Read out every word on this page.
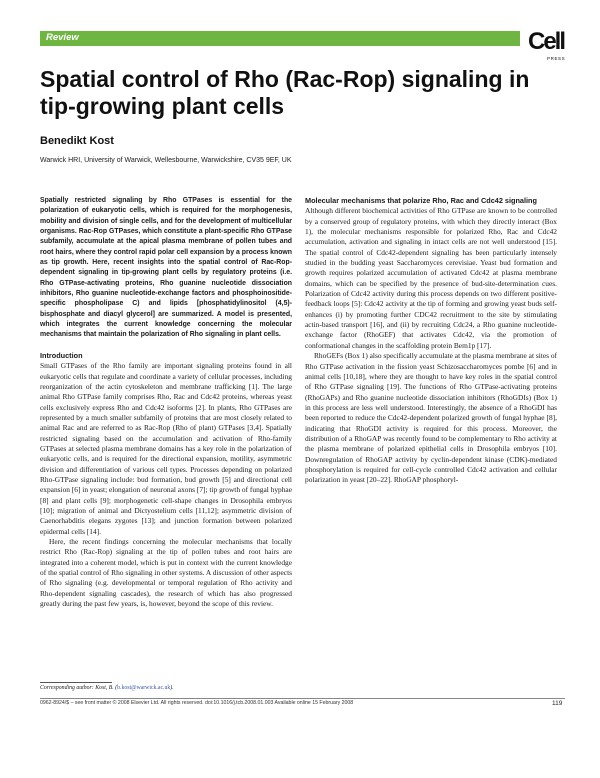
Review	Cell
PRESS
Spatial control of Rho (Rac-Rop) signaling in tip-growing plant cells
Benedikt Kost
Warwick HRI, University of Warwick, Wellesbourne, Warwickshire, CV35 9EF, UK

Spatially restricted signaling by Rho GTPases is essential for the polarization of eukaryotic cells, which is required for the morphogenesis, mobility and division of single cells, and for the development of multicellular organisms. Rac-Rop GTPases, which constitute a plant-specific Rho GTPase subfamily, accumulate at the apical plasma membrane of pollen tubes and root hairs, where they control rapid polar cell expansion by a process known as tip growth. Here, recent insights into the spatial control of Rac-Rop-dependent signaling in tip-growing plant cells by regulatory proteins (i.e. Rho GTPase-activating proteins, Rho guanine nucleotide dissociation inhibitors, Rho guanine nucleotide-exchange factors and phosphoinositide-specific phospholipase C) and lipids [phosphatidylinositol (4,5)-bisphosphate and diacyl glycerol] are summarized. A model is presented, which integrates the current knowledge concerning the molecular mechanisms that maintain the polarization of Rho signaling in plant cells.

Introduction

Small GTPases of the Rho family are important signaling proteins found in all eukaryotic cells that regulate and coordinate a variety of cellular processes, including reorganization of the actin cytoskeleton and membrane trafficking [1]. The large animal Rho GTPase family comprises Rho, Rac and Cdc42 proteins, whereas yeast cells exclusively express Rho and Cdc42 isoforms [2]. In plants, Rho GTPases are represented by a much smaller subfamily of proteins that are most closely related to animal Rac and are referred to as Rac-Rop (Rho of plant) GTPases [3,4]. Spatially restricted signaling based on the accumulation and activation of Rho-family GTPases at selected plasma membrane domains has a key role in the polarization of eukaryotic cells, and is required for the directional expansion, motility, asymmetric division and differentiation of various cell types. Processes depending on polarized Rho-GTPase signaling include: bud formation, bud growth [5] and directional cell expansion [6] in yeast; elongation of neuronal axons [7]; tip growth of fungal hyphae [8] and plant cells [9]; morphogenetic cell-shape changes in Drosophila embryos [10]; migration of animal and Dictyostelium cells [11,12]; asymmetric division of Caenorhabditis elegans zygotes [13]; and junction formation between polarized epidermal cells [14].

Here, the recent findings concerning the molecular mechanisms that locally restrict Rho (Rac-Rop) signaling at the tip of pollen tubes and root hairs are integrated into a coherent model, which is put in context with the current knowledge of the spatial control of Rho signaling in other systems. A discussion of other aspects of Rho signaling (e.g. developmental or temporal regulation of Rho activity and Rho-dependent signaling cascades), the research of which has also progressed greatly during the past few years, is, however, beyond the scope of this review.

Molecular mechanisms that polarize Rho, Rac and Cdc42 signaling

Although different biochemical activities of Rho GTPase are known to be controlled by a conserved group of regulatory proteins, with which they directly interact (Box 1), the molecular mechanisms responsible for polarized Rho, Rac and Cdc42 accumulation, activation and signaling in intact cells are not well understood [15]. The spatial control of Cdc42-dependent signaling has been particularly intensely studied in the budding yeast Saccharomyces cerevisiae. Yeast bud formation and growth requires polarized accumulation of activated Cdc42 at plasma membrane domains, which can be specified by the presence of bud-site-determination cues. Polarization of Cdc42 activity during this process depends on two different positive-feedback loops [5]: Cdc42 activity at the tip of forming and growing yeast buds self-enhances (i) by promoting further CDC42 recruitment to the site by stimulating actin-based transport [16], and (ii) by recruiting Cdc24, a Rho guanine nucleotide-exchange factor (RhoGEF) that activates Cdc42, via the promotion of conformational changes in the scaffolding protein Bem1p [17].

RhoGEFs (Box 1) also specifically accumulate at the plasma membrane at sites of Rho GTPase activation in the fission yeast Schizosaccharomyces pombe [6] and in animal cells [10,18], where they are thought to have key roles in the spatial control of Rho GTPase signaling [19]. The functions of Rho GTPase-activating proteins (RhoGAPs) and Rho guanine nucleotide dissociation inhibitors (RhoGDIs) (Box 1) in this process are less well understood. Interestingly, the absence of a RhoGDI has been reported to reduce the Cdc42-dependent polarized growth of fungal hyphae [8], indicating that RhoGDI activity is required for this process. Moreover, the distribution of a RhoGAP was recently found to be complementary to Rho activity at the plasma membrane of polarized epithelial cells in Drosophila embryos [10]. Downregulation of RhoGAP activity by cyclin-dependent kinase (CDK)-mediated phosphorylation is required for cell-cycle controlled Cdc42 activation and cellular polarization in yeast [20–22]. RhoGAP phosphoryl-

Corresponding author: Kost, B. (b.kost@warwick.ac.uk).
0962-8924/$ – see front matter © 2008 Elsevier Ltd. All rights reserved. doi:10.1016/j.tcb.2008.01.003 Available online 15 February 2008	119
